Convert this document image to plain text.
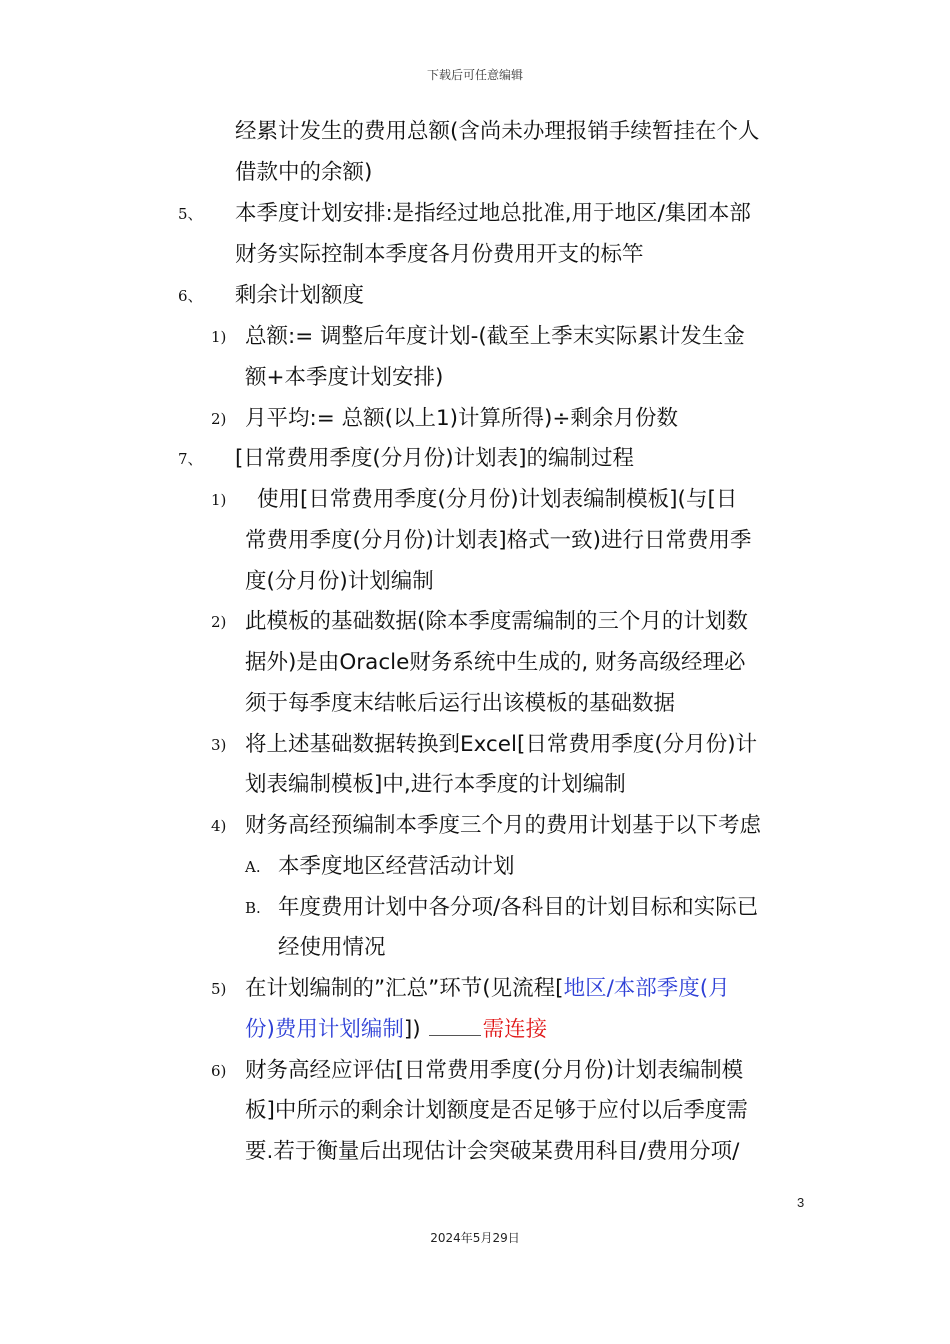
下载后可任意编辑
经累计发生的费用总额(含尚未办理报销手续暂挂在个人
借款中的余额)
5、 本季度计划安排:是指经过地总批准,用于地区/集团本部
财务实际控制本季度各月份费用开支的标竿
6、 剩余计划额度
1) 总额:= 调整后年度计划-(截至上季末实际累计发生金
额+本季度计划安排)
2) 月平均:= 总额(以上1)计算所得)÷剩余月份数
7、 [日常费用季度(分月份)计划表]的编制过程
1) 使用[日常费用季度(分月份)计划表编制模板](与[日
常费用季度(分月份)计划表]格式一致)进行日常费用季
度(分月份)计划编制
2) 此模板的基础数据(除本季度需编制的三个月的计划数
据外)是由Oracle财务系统中生成的, 财务高级经理必
须于每季度末结帐后运行出该模板的基础数据
3) 将上述基础数据转换到Excel[日常费用季度(分月份)计
划表编制模板]中,进行本季度的计划编制
4) 财务高经预编制本季度三个月的费用计划基于以下考虑
A. 本季度地区经营活动计划
B. 年度费用计划中各分项/各科目的计划目标和实际已
经使用情况
5) 在计划编制的”汇总”环节(见流程[地区/本部季度(月
份)费用计划编制])	需连接
6) 财务高经应评估[日常费用季度(分月份)计划表编制模
板]中所示的剩余计划额度是否足够于应付以后季度需
要.若于衡量后出现估计会突破某费用科目/费用分项/
3
2024年5月29日
